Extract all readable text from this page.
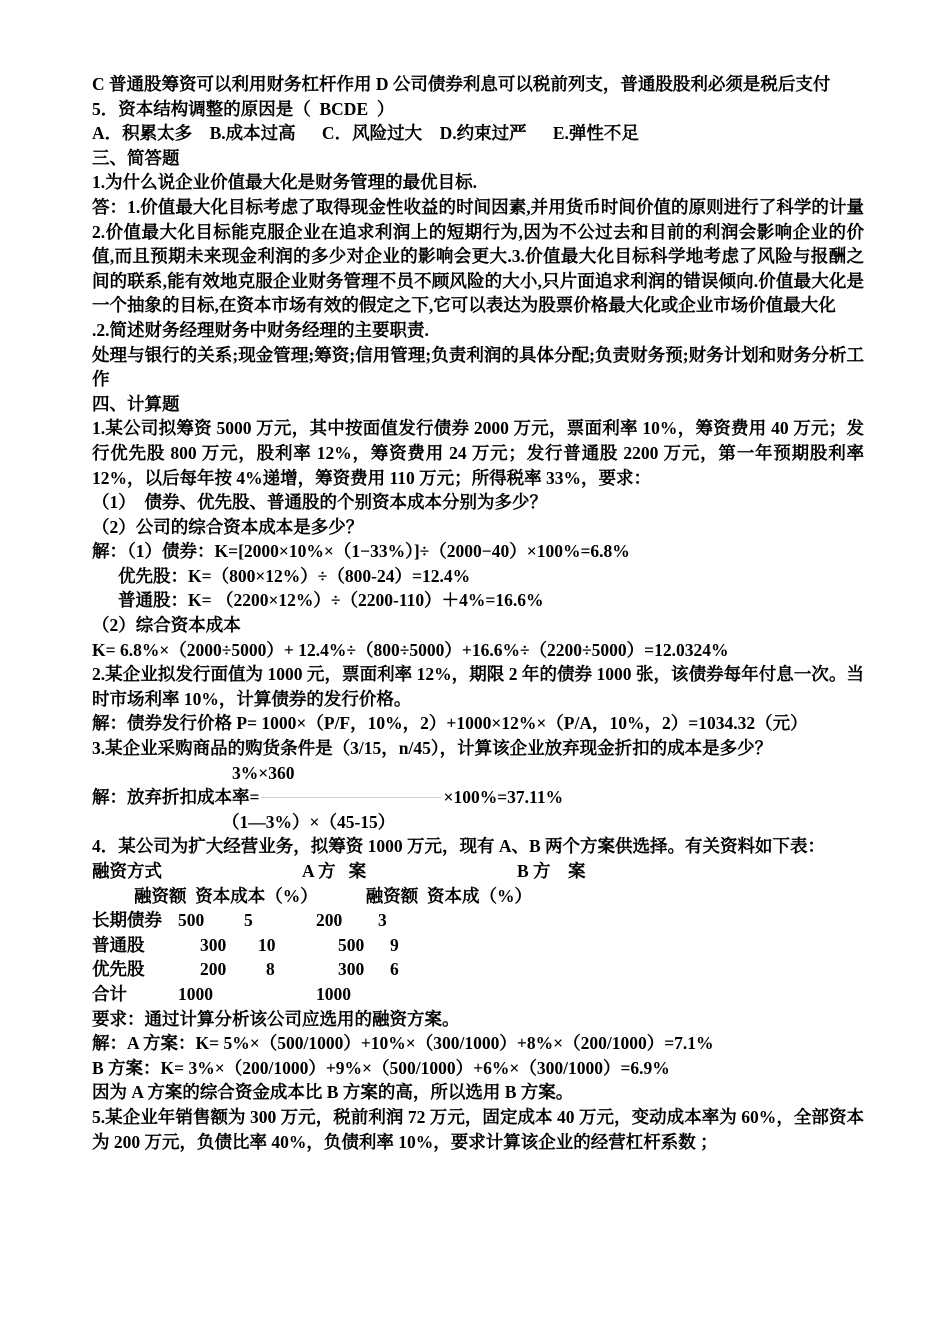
C 普通股筹资可以利用财务杠杆作用 D 公司债券利息可以税前列支，普通股股利必须是税后支付
5．资本结构调整的原因是（  BCDE  ）
A．积累太多    B.成本过高      C．风险过大    D.约束过严      E.弹性不足
三、简答题
1.为什么说企业价值最大化是财务管理的最优目标.
答：1.价值最大化目标考虑了取得现金性收益的时间因素,并用货币时间价值的原则进行了科学的计量 2.价值最大化目标能克服企业在追求利润上的短期行为,因为不公过去和目前的利润会影响企业的价值,而且预期未来现金利润的多少对企业的影响会更大.3.价值最大化目标科学地考虑了风险与报酬之间的联系,能有效地克服企业财务管理不员不顾风险的大小,只片面追求利润的错误倾向.价值最大化是一个抽象的目标,在资本市场有效的假定之下,它可以表达为股票价格最大化或企业市场价值最大化
.2.简述财务经理财务中财务经理的主要职责.
处理与银行的关系;现金管理;筹资;信用管理;负责利润的具体分配;负责财务预;财务计划和财务分析工作
四、计算题
1.某公司拟筹资 5000 万元，其中按面值发行债券 2000 万元，票面利率 10%，筹资费用 40 万元；发行优先股 800 万元，股利率 12%，筹资费用 24 万元；发行普通股 2200 万元，第一年预期股利率 12%，以后每年按 4%递增，筹资费用 110 万元；所得税率 33%，要求：
（1）  债券、优先股、普通股的个别资本成本分别为多少？
（2）公司的综合资本成本是多少？
解：（1）债券：K=[2000×10%×（1−33%）]÷（2000−40）×100%=6.8%
优先股：K=（800×12%）÷（800-24）=12.4%
普通股：K= （2200×12%）÷（2200-110）＋4%=16.6%
（2）综合资本成本
K= 6.8%×（2000÷5000）+ 12.4%÷（800÷5000）+16.6%÷（2200÷5000）=12.0324%
2.某企业拟发行面值为 1000 元，票面利率 12%，期限 2 年的债券 1000 张，该债券每年付息一次。当时市场利率 10%，计算债券的发行价格。
解：债券发行价格 P= 1000×（P/F，10%，2）+1000×12%×（P/A，10%，2）=1034.32（元）
3.某企业采购商品的购货条件是（3/15，n/45），计算该企业放弃现金折扣的成本是多少？
3%×360
解：放弃折扣成本率=	×100%=37.11%
（1—3%）×（45-15）
4．某公司为扩大经营业务，拟筹资 1000 万元，现有 A、B 两个方案供选择。有关资料如下表：
融资方式	A 方   案	B 方    案
融资额  资本成本（%）	融资额  资本成（%）
长期债券	500	5	200	3
普通股	300	10	500	9
优先股	200	8	300	6
合计	1000		1000	
要求：通过计算分析该公司应选用的融资方案。
解：A 方案：K= 5%×（500/1000）+10%×（300/1000）+8%×（200/1000）=7.1%
B 方案：K= 3%×（200/1000）+9%×（500/1000）+6%×（300/1000）=6.9%
因为 A 方案的综合资金成本比 B 方案的高，所以选用 B 方案。
5.某企业年销售额为 300 万元，税前利润 72 万元，固定成本 40 万元，变动成本率为 60%，全部资本为 200 万元，负债比率 40%，负债利率 10%，要求计算该企业的经营杠杆系数 ；
